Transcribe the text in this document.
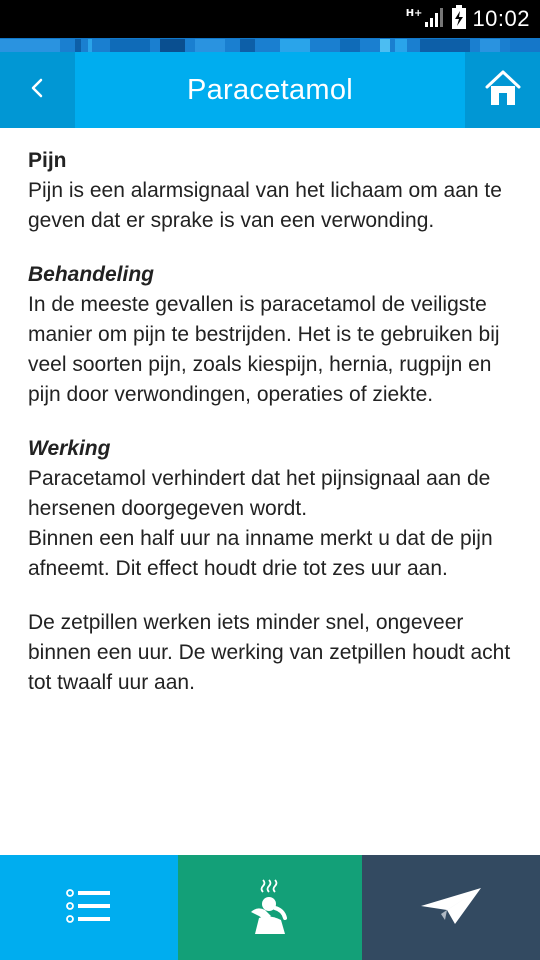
H+ 10:02
Paracetamol

Pijn

Pijn is een alarmsignaal van het lichaam om aan te geven dat er sprake is van een verwonding.

Behandeling

In de meeste gevallen is paracetamol de veiligste manier om pijn te bestrijden. Het is te gebruiken bij veel soorten pijn, zoals kiespijn, hernia, rugpijn en pijn door verwondingen, operaties of ziekte.

Werking

Paracetamol verhindert dat het pijnsignaal aan de hersenen doorgegeven wordt.

Binnen een half uur na inname merkt u dat de pijn afneemt. Dit effect houdt drie tot zes uur aan.

De zetpillen werken iets minder snel, ongeveer binnen een uur. De werking van zetpillen houdt acht tot twaalf uur aan.
